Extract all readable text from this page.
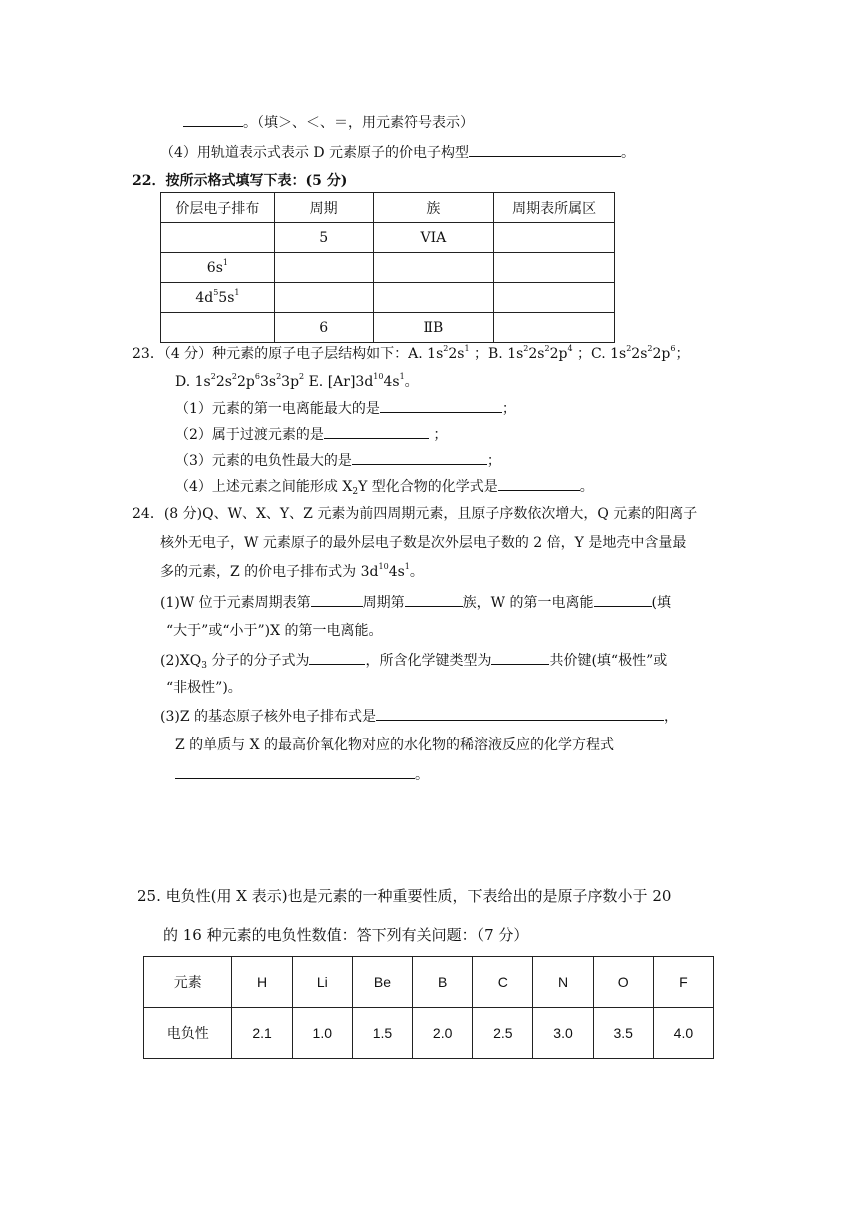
。（填＞、＜、＝，用元素符号表示）
（4）用轨道表示式表示 D 元素原子的价电子构型	。
22．按所示格式填写下表：(5 分)
价层电子排布	周期	族	周期表所属区
	5	VIA	
$6s^1$			
$4d^55s^1$			
	6	ⅡB	
23．（4 分）种元素的原子电子层结构如下：A. $1s^22s^1$ ；B. $1s^22s^22p^4$ ；C. $1s^22s^22p^6$；
D. $1s^22s^22p^63s^23p^2$ E. $[Ar]3d^{10}4s^1$。
（1）元素的第一电离能最大的是	；
（2）属于过渡元素的是	；
（3）元素的电负性最大的是	；
（4）上述元素之间能形成 $X_2Y$ 型化合物的化学式是	。
24．(8 分)Q、W、X、Y、Z 元素为前四周期元素，且原子序数依次增大，Q 元素的阳离子
核外无电子，W 元素原子的最外层电子数是次外层电子数的 2 倍，Y 是地壳中含量最
多的元素，Z 的价电子排布式为 $3d^{10}4s^1$。
(1)W 位于元素周期表第	周期第	族，W 的第一电离能	(填
“大于”或“小于”)X 的第一电离能。
$(2)XQ_3$ 分子的分子式为	，所含化学键类型为	共价键(填“极性”或
“非极性”)。
(3)Z 的基态原子核外电子排布式是	，
Z 的单质与 X 的最高价氧化物对应的水化物的稀溶液反应的化学方程式
。
25. 电负性(用 X 表示)也是元素的一种重要性质，下表给出的是原子序数小于 20
的 16 种元素的电负性数值：答下列有关问题：（7 分）
元素	H	Li	Be	B	C	N	O	F
电负性	2.1	1.0	1.5	2.0	2.5	3.0	3.5	4.0
